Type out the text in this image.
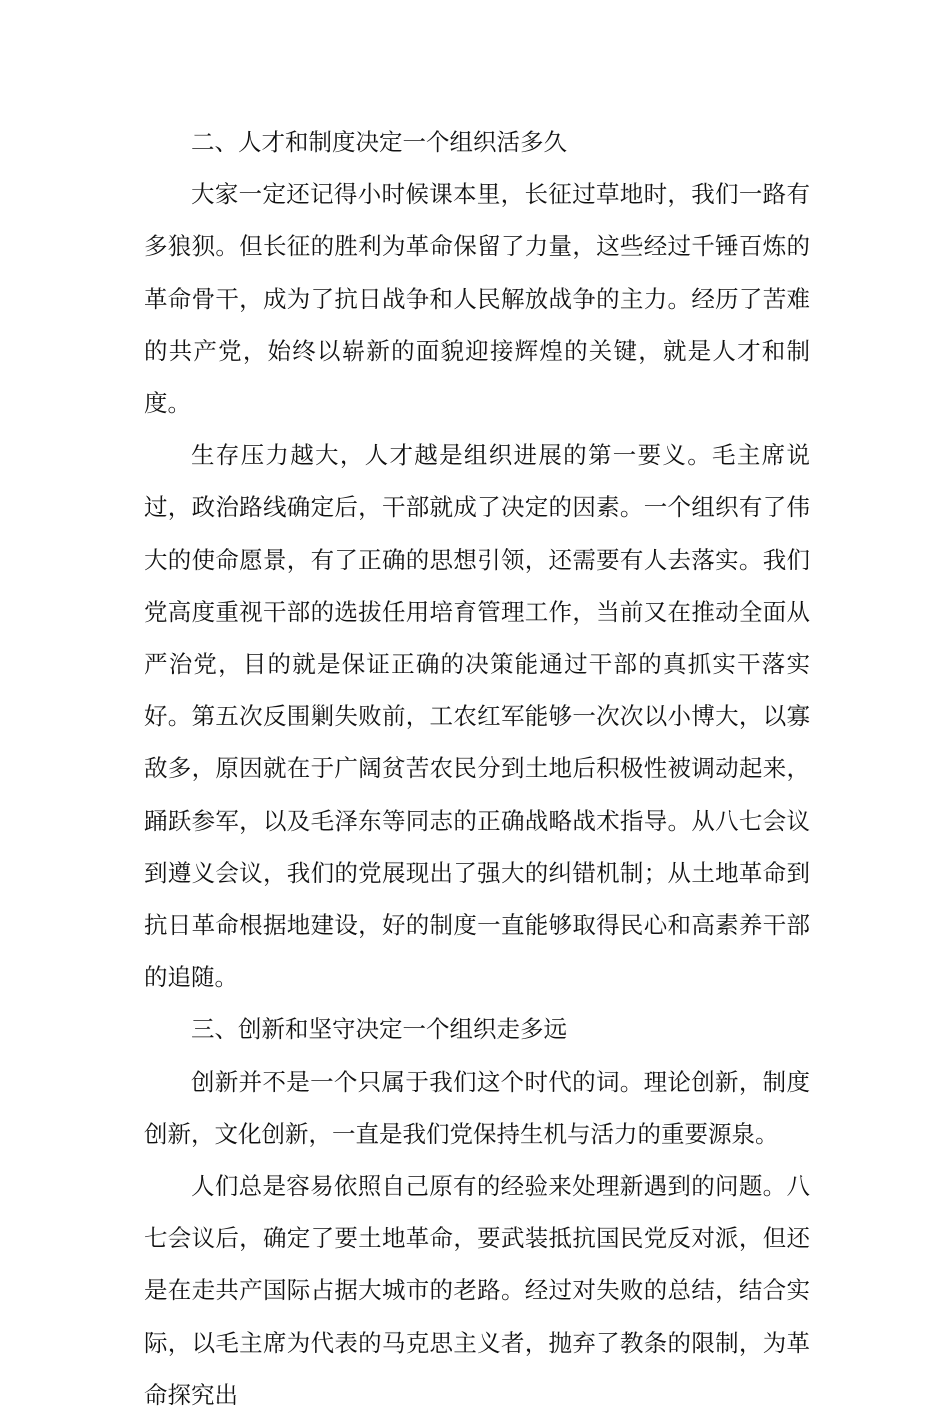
二、人才和制度决定一个组织活多久

大家一定还记得小时候课本里，长征过草地时，我们一路有多狼狈。但长征的胜利为革命保留了力量，这些经过千锤百炼的革命骨干，成为了抗日战争和人民解放战争的主力。经历了苦难的共产党，始终以崭新的面貌迎接辉煌的关键，就是人才和制度。

生存压力越大，人才越是组织进展的第一要义。毛主席说过，政治路线确定后，干部就成了决定的因素。一个组织有了伟大的使命愿景，有了正确的思想引领，还需要有人去落实。我们党高度重视干部的选拔任用培育管理工作，当前又在推动全面从严治党，目的就是保证正确的决策能通过干部的真抓实干落实好。第五次反围剿失败前，工农红军能够一次次以小博大，以寡敌多，原因就在于广阔贫苦农民分到土地后积极性被调动起来，踊跃参军，以及毛泽东等同志的正确战略战术指导。从八七会议到遵义会议，我们的党展现出了强大的纠错机制；从土地革命到抗日革命根据地建设，好的制度一直能够取得民心和高素养干部的追随。

三、创新和坚守决定一个组织走多远

创新并不是一个只属于我们这个时代的词。理论创新，制度创新，文化创新，一直是我们党保持生机与活力的重要源泉。

人们总是容易依照自己原有的经验来处理新遇到的问题。八七会议后，确定了要土地革命，要武装抵抗国民党反对派，但还是在走共产国际占据大城市的老路。经过对失败的总结，结合实际，以毛主席为代表的马克思主义者，抛弃了教条的限制，为革命探究出
